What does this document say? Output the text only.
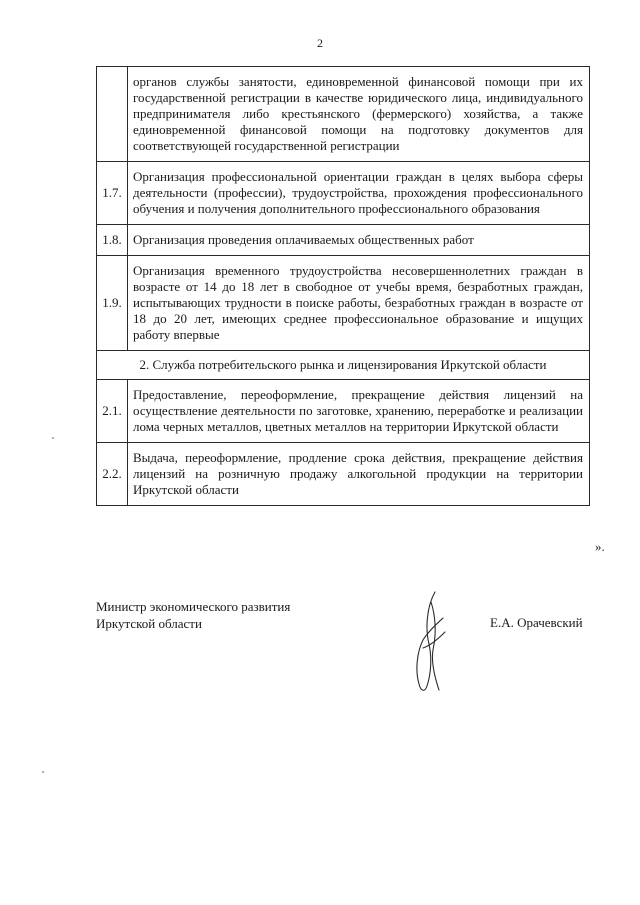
2
	органов службы занятости, единовременной финансовой помощи при их государственной регистрации в качестве юридического лица, индивидуального предпринимателя либо крестьянского (фермерского) хозяйства, а также единовременной финансовой помощи на подготовку документов для соответствующей государственной регистрации
1.7.	Организация профессиональной ориентации граждан в целях выбора сферы деятельности (профессии), трудоустройства, прохождения профессионального обучения и получения дополнительного профессионального образования
1.8.	Организация проведения оплачиваемых общественных работ
1.9.	Организация временного трудоустройства несовершеннолетних граждан в возрасте от 14 до 18 лет в свободное от учебы время, безработных граждан, испытывающих трудности в поиске работы, безработных граждан в возрасте от 18 до 20 лет, имеющих среднее профессиональное образование и ищущих работу впервые
2. Служба потребительского рынка и лицензирования Иркутской области	
2.1.	Предоставление, переоформление, прекращение действия лицензий на осуществление деятельности по заготовке, хранению, переработке и реализации лома черных металлов, цветных металлов на территории Иркутской области
2.2.	Выдача, переоформление, продление срока действия, прекращение действия лицензий на розничную продажу алкогольной продукции на территории Иркутской области
».
Министр экономического развития
Иркутской области	Е.А. Орачевский
